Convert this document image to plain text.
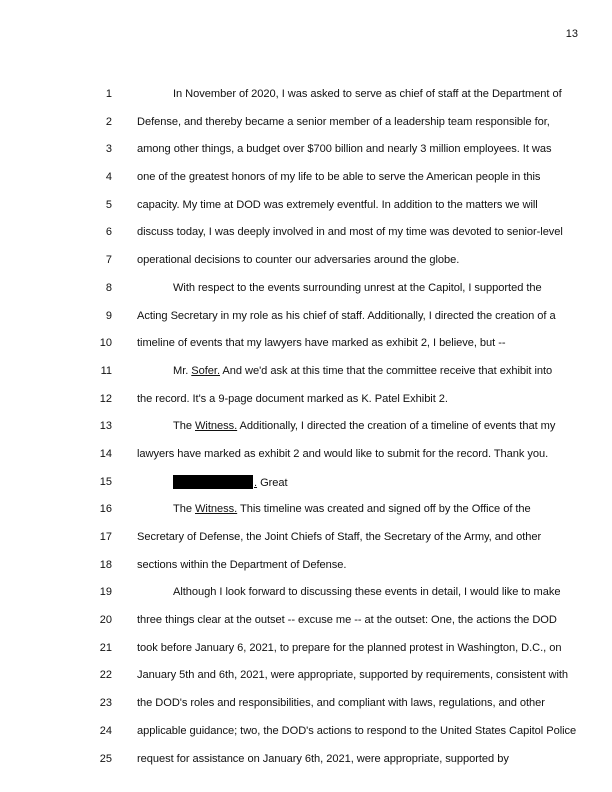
13
1	In November of 2020, I was asked to serve as chief of staff at the Department of
2 Defense, and thereby became a senior member of a leadership team responsible for,
3 among other things, a budget over $700 billion and nearly 3 million employees. It was
4 one of the greatest honors of my life to be able to serve the American people in this
5 capacity. My time at DOD was extremely eventful. In addition to the matters we will
6 discuss today, I was deeply involved in and most of my time was devoted to senior-level
7 operational decisions to counter our adversaries around the globe.
8	With respect to the events surrounding unrest at the Capitol, I supported the
9 Acting Secretary in my role as his chief of staff. Additionally, I directed the creation of a
10 timeline of events that my lawyers have marked as exhibit 2, I believe, but --
11	Mr. Sofer. And we'd ask at this time that the committee receive that exhibit into
12 the record. It's a 9-page document marked as K. Patel Exhibit 2.
13	The Witness. Additionally, I directed the creation of a timeline of events that my
14 lawyers have marked as exhibit 2 and would like to submit for the record. Thank you.
15	. Great
16	The Witness. This timeline was created and signed off by the Office of the
17 Secretary of Defense, the Joint Chiefs of Staff, the Secretary of the Army, and other
18 sections within the Department of Defense.
19	Although I look forward to discussing these events in detail, I would like to make
20 three things clear at the outset -- excuse me -- at the outset: One, the actions the DOD
21 took before January 6, 2021, to prepare for the planned protest in Washington, D.C., on
22 January 5th and 6th, 2021, were appropriate, supported by requirements, consistent with
23 the DOD's roles and responsibilities, and compliant with laws, regulations, and other
24 applicable guidance; two, the DOD's actions to respond to the United States Capitol Police
25 request for assistance on January 6th, 2021, were appropriate, supported by
